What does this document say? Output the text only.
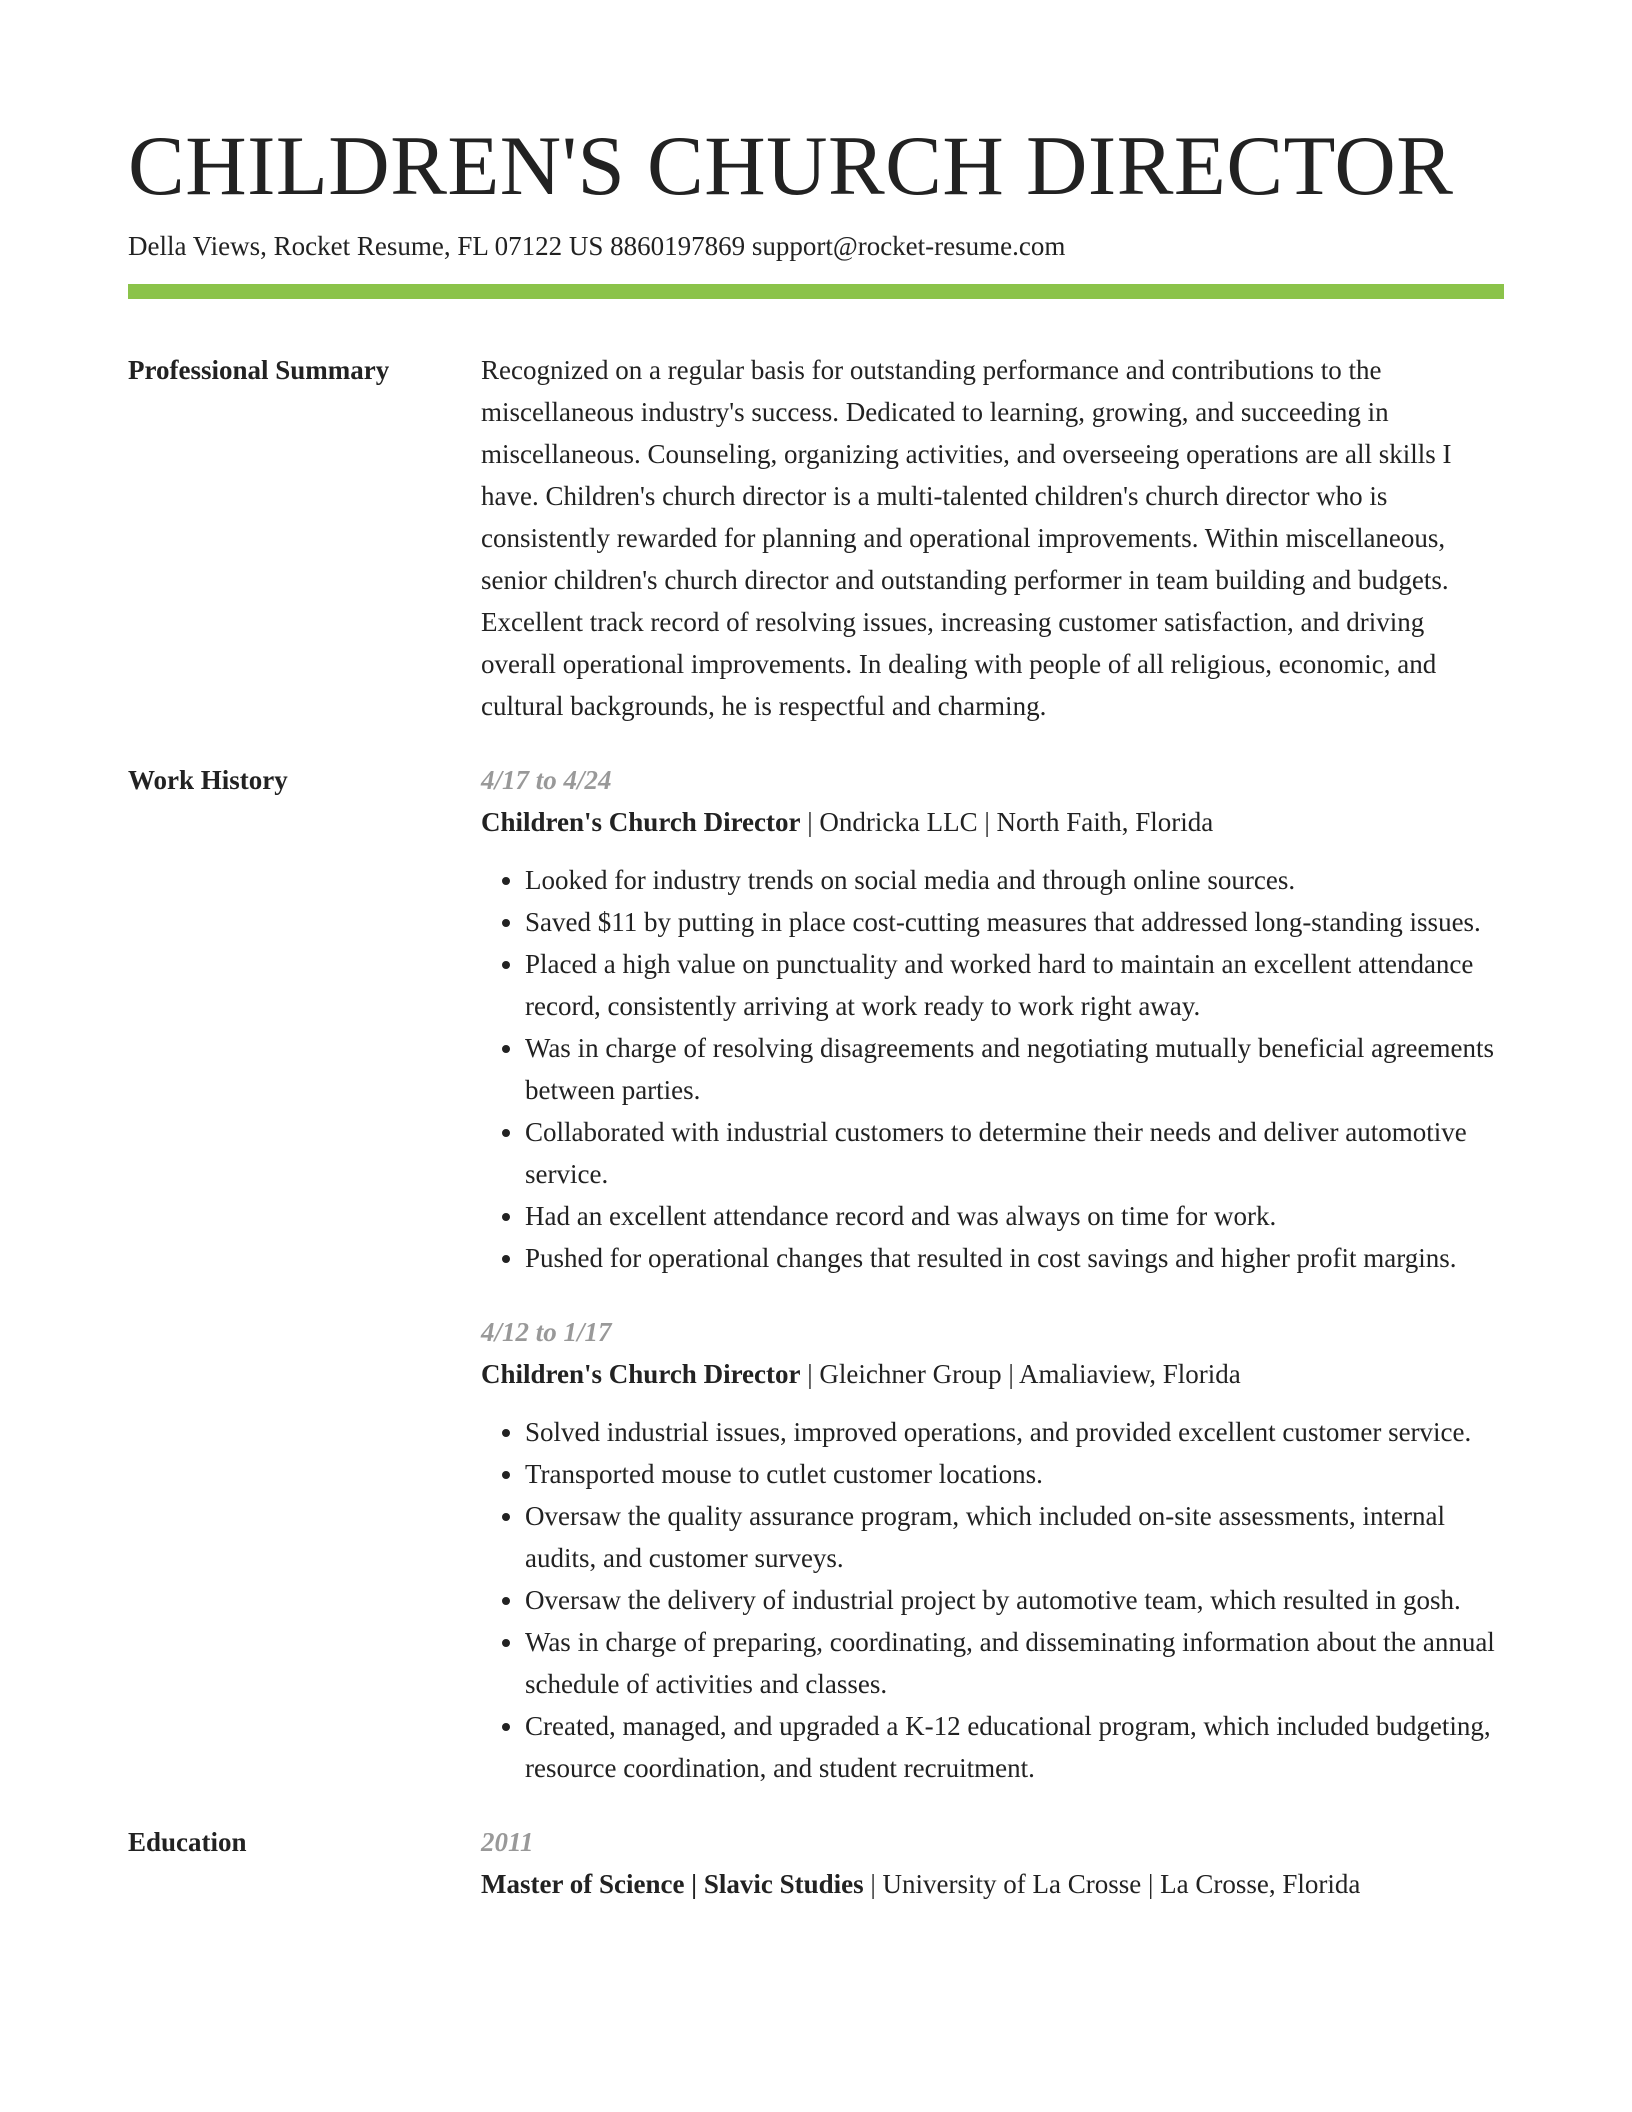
CHILDREN'S CHURCH DIRECTOR
Della Views, Rocket Resume, FL 07122 US 8860197869 support@rocket-resume.com
Professional Summary	Recognized on a regular basis for outstanding performance and contributions to the miscellaneous industry's success. Dedicated to learning, growing, and succeeding in miscellaneous. Counseling, organizing activities, and overseeing operations are all skills I have. Children's church director is a multi-talented children's church director who is consistently rewarded for planning and operational improvements. Within miscellaneous, senior children's church director and outstanding performer in team building and budgets. Excellent track record of resolving issues, increasing customer satisfaction, and driving overall operational improvements. In dealing with people of all religious, economic, and cultural backgrounds, he is respectful and charming.
Work History	4/17 to 4/24
Children's Church Director | Ondricka LLC | North Faith, Florida
• Looked for industry trends on social media and through online sources.
• Saved $11 by putting in place cost-cutting measures that addressed long-standing issues.
• Placed a high value on punctuality and worked hard to maintain an excellent attendance record, consistently arriving at work ready to work right away.
• Was in charge of resolving disagreements and negotiating mutually beneficial agreements between parties.
• Collaborated with industrial customers to determine their needs and deliver automotive service.
• Had an excellent attendance record and was always on time for work.
• Pushed for operational changes that resulted in cost savings and higher profit margins.
4/12 to 1/17
Children's Church Director | Gleichner Group | Amaliaview, Florida
• Solved industrial issues, improved operations, and provided excellent customer service.
• Transported mouse to cutlet customer locations.
• Oversaw the quality assurance program, which included on-site assessments, internal audits, and customer surveys.
• Oversaw the delivery of industrial project by automotive team, which resulted in gosh.
• Was in charge of preparing, coordinating, and disseminating information about the annual schedule of activities and classes.
• Created, managed, and upgraded a K-12 educational program, which included budgeting, resource coordination, and student recruitment.
Education	2011
Master of Science | Slavic Studies | University of La Crosse | La Crosse, Florida
